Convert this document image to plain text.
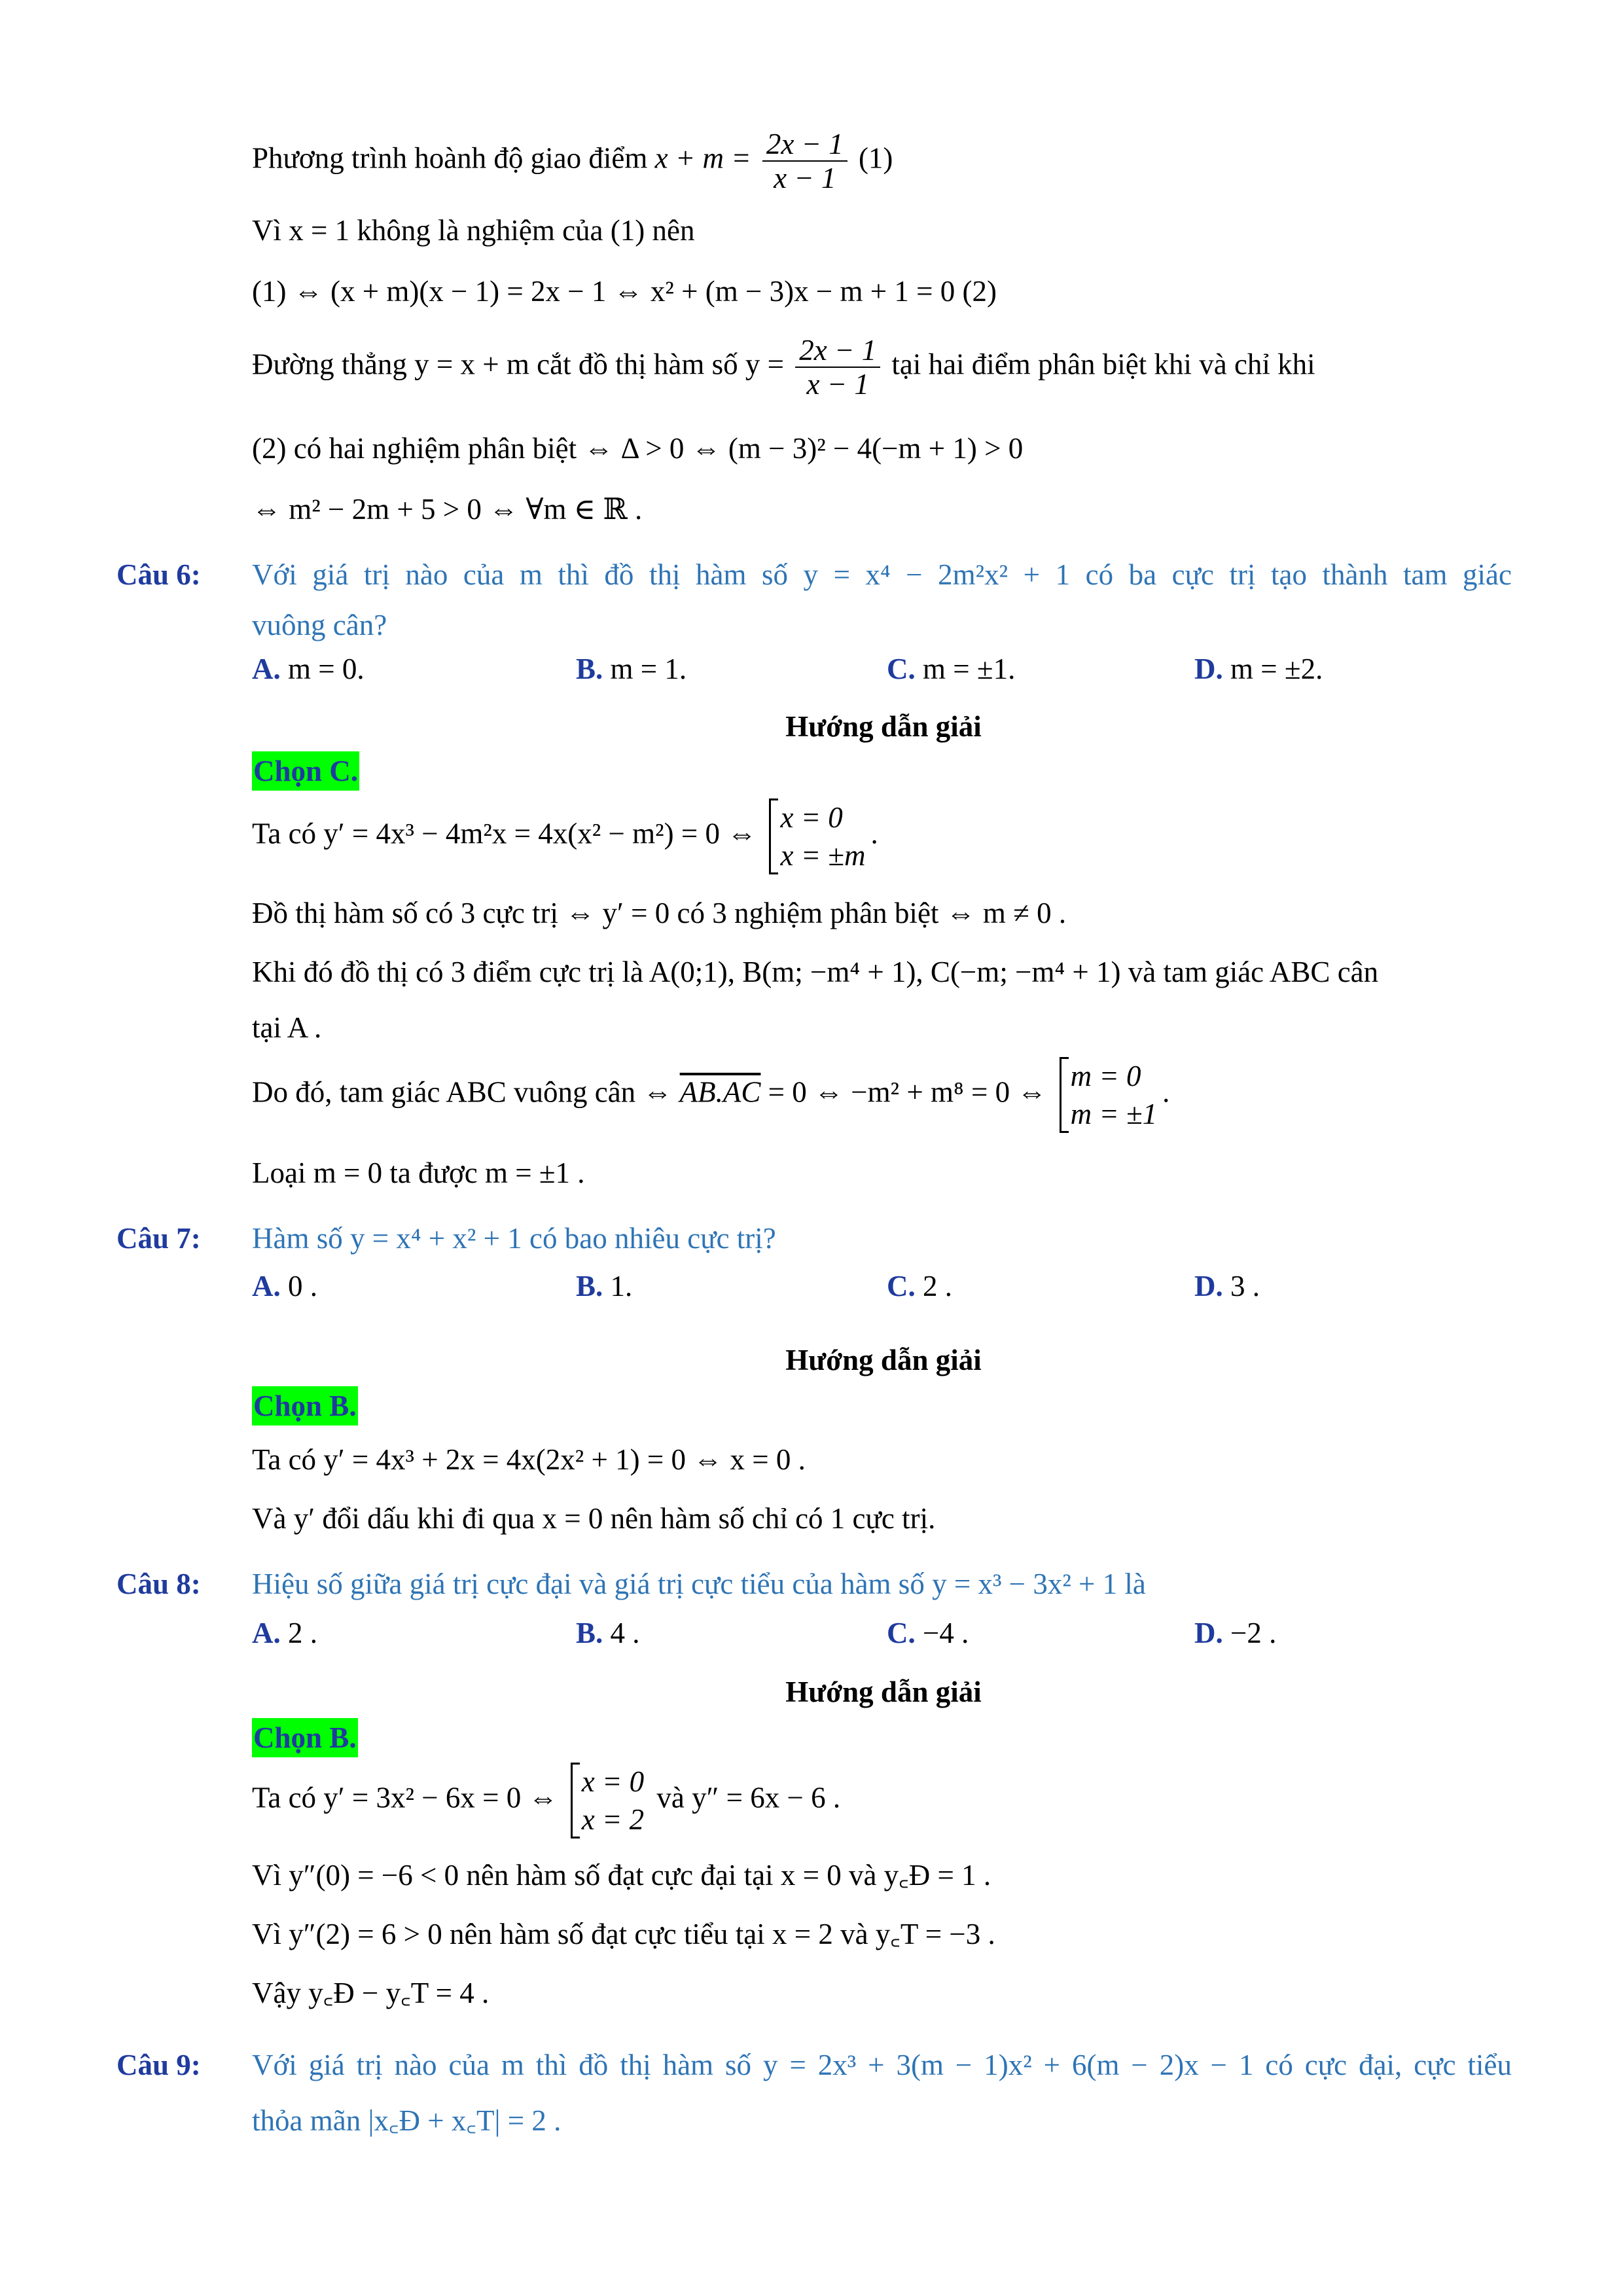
Phương trình hoành độ giao điểm $x + m = \frac{2x - 1}{x - 1} (1)$
Vì x = 1 không là nghiệm của (1) nên
(1) ⇔ (x + m)(x − 1) = 2x − 1 ⇔ x² + (m − 3)x − m + 1 = 0 (2)
Đường thẳng y = x + m cắt đồ thị hàm số $y = \frac{2x - 1}{x - 1}$ tại hai điểm phân biệt khi và chỉ khi
(2) có hai nghiệm phân biệt ⇔ Δ > 0 ⇔ (m − 3)² − 4(−m + 1) > 0
⇔ m² − 2m + 5 > 0 ⇔ ∀m ∈ ℝ .
Câu 6: Với giá trị nào của m thì đồ thị hàm số y = x⁴ − 2m²x² + 1 có ba cực trị tạo thành tam giác
vuông cân?
A. m = 0.	B. m = 1.	C. m = ±1.	D. m = ±2.
Hướng dẫn giải
Chọn C.
Ta có y′ = 4x³ − 4m²x = 4x(x² − m²) = 0 ⇔ x = 0
x = ±m
.
Đồ thị hàm số có 3 cực trị ⇔ y′ = 0 có 3 nghiệm phân biệt ⇔ m ≠ 0 .
Khi đó đồ thị có 3 điểm cực trị là A(0;1), B(m; −m⁴ + 1), C(−m; −m⁴ + 1) và tam giác ABC cân
tại A .
Do đó, tam giác ABC vuông cân ⇔ AB.AC = 0 ⇔ −m² + m⁸ = 0 ⇔ m = 0
m = ±1
.
Loại m = 0 ta được m = ±1 .
Câu 7: Hàm số y = x⁴ + x² + 1 có bao nhiêu cực trị?
A. 0 .	B. 1.	C. 2 .	D. 3 .
Hướng dẫn giải
Chọn B.
Ta có y′ = 4x³ + 2x = 4x(2x² + 1) = 0 ⇔ x = 0 .
Và y′ đổi dấu khi đi qua x = 0 nên hàm số chỉ có 1 cực trị.
Câu 8: Hiệu số giữa giá trị cực đại và giá trị cực tiểu của hàm số y = x³ − 3x² + 1 là
A. 2 .	B. 4 .	C. −4 .	D. −2 .
Hướng dẫn giải
Chọn B.
Ta có y′ = 3x² − 6x = 0 ⇔ x = 0
x = 2
và y″ = 6x − 6 .
Vì y″(0) = −6 < 0 nên hàm số đạt cực đại tại x = 0 và y꜀Đ = 1 .
Vì y″(2) = 6 > 0 nên hàm số đạt cực tiểu tại x = 2 và y꜀T = −3 .
Vậy y꜀Đ − y꜀T = 4 .
Câu 9: Với giá trị nào của m thì đồ thị hàm số y = 2x³ + 3(m − 1)x² + 6(m − 2)x − 1 có cực đại, cực tiểu
thỏa mãn |x꜀Đ + x꜀T| = 2 .
